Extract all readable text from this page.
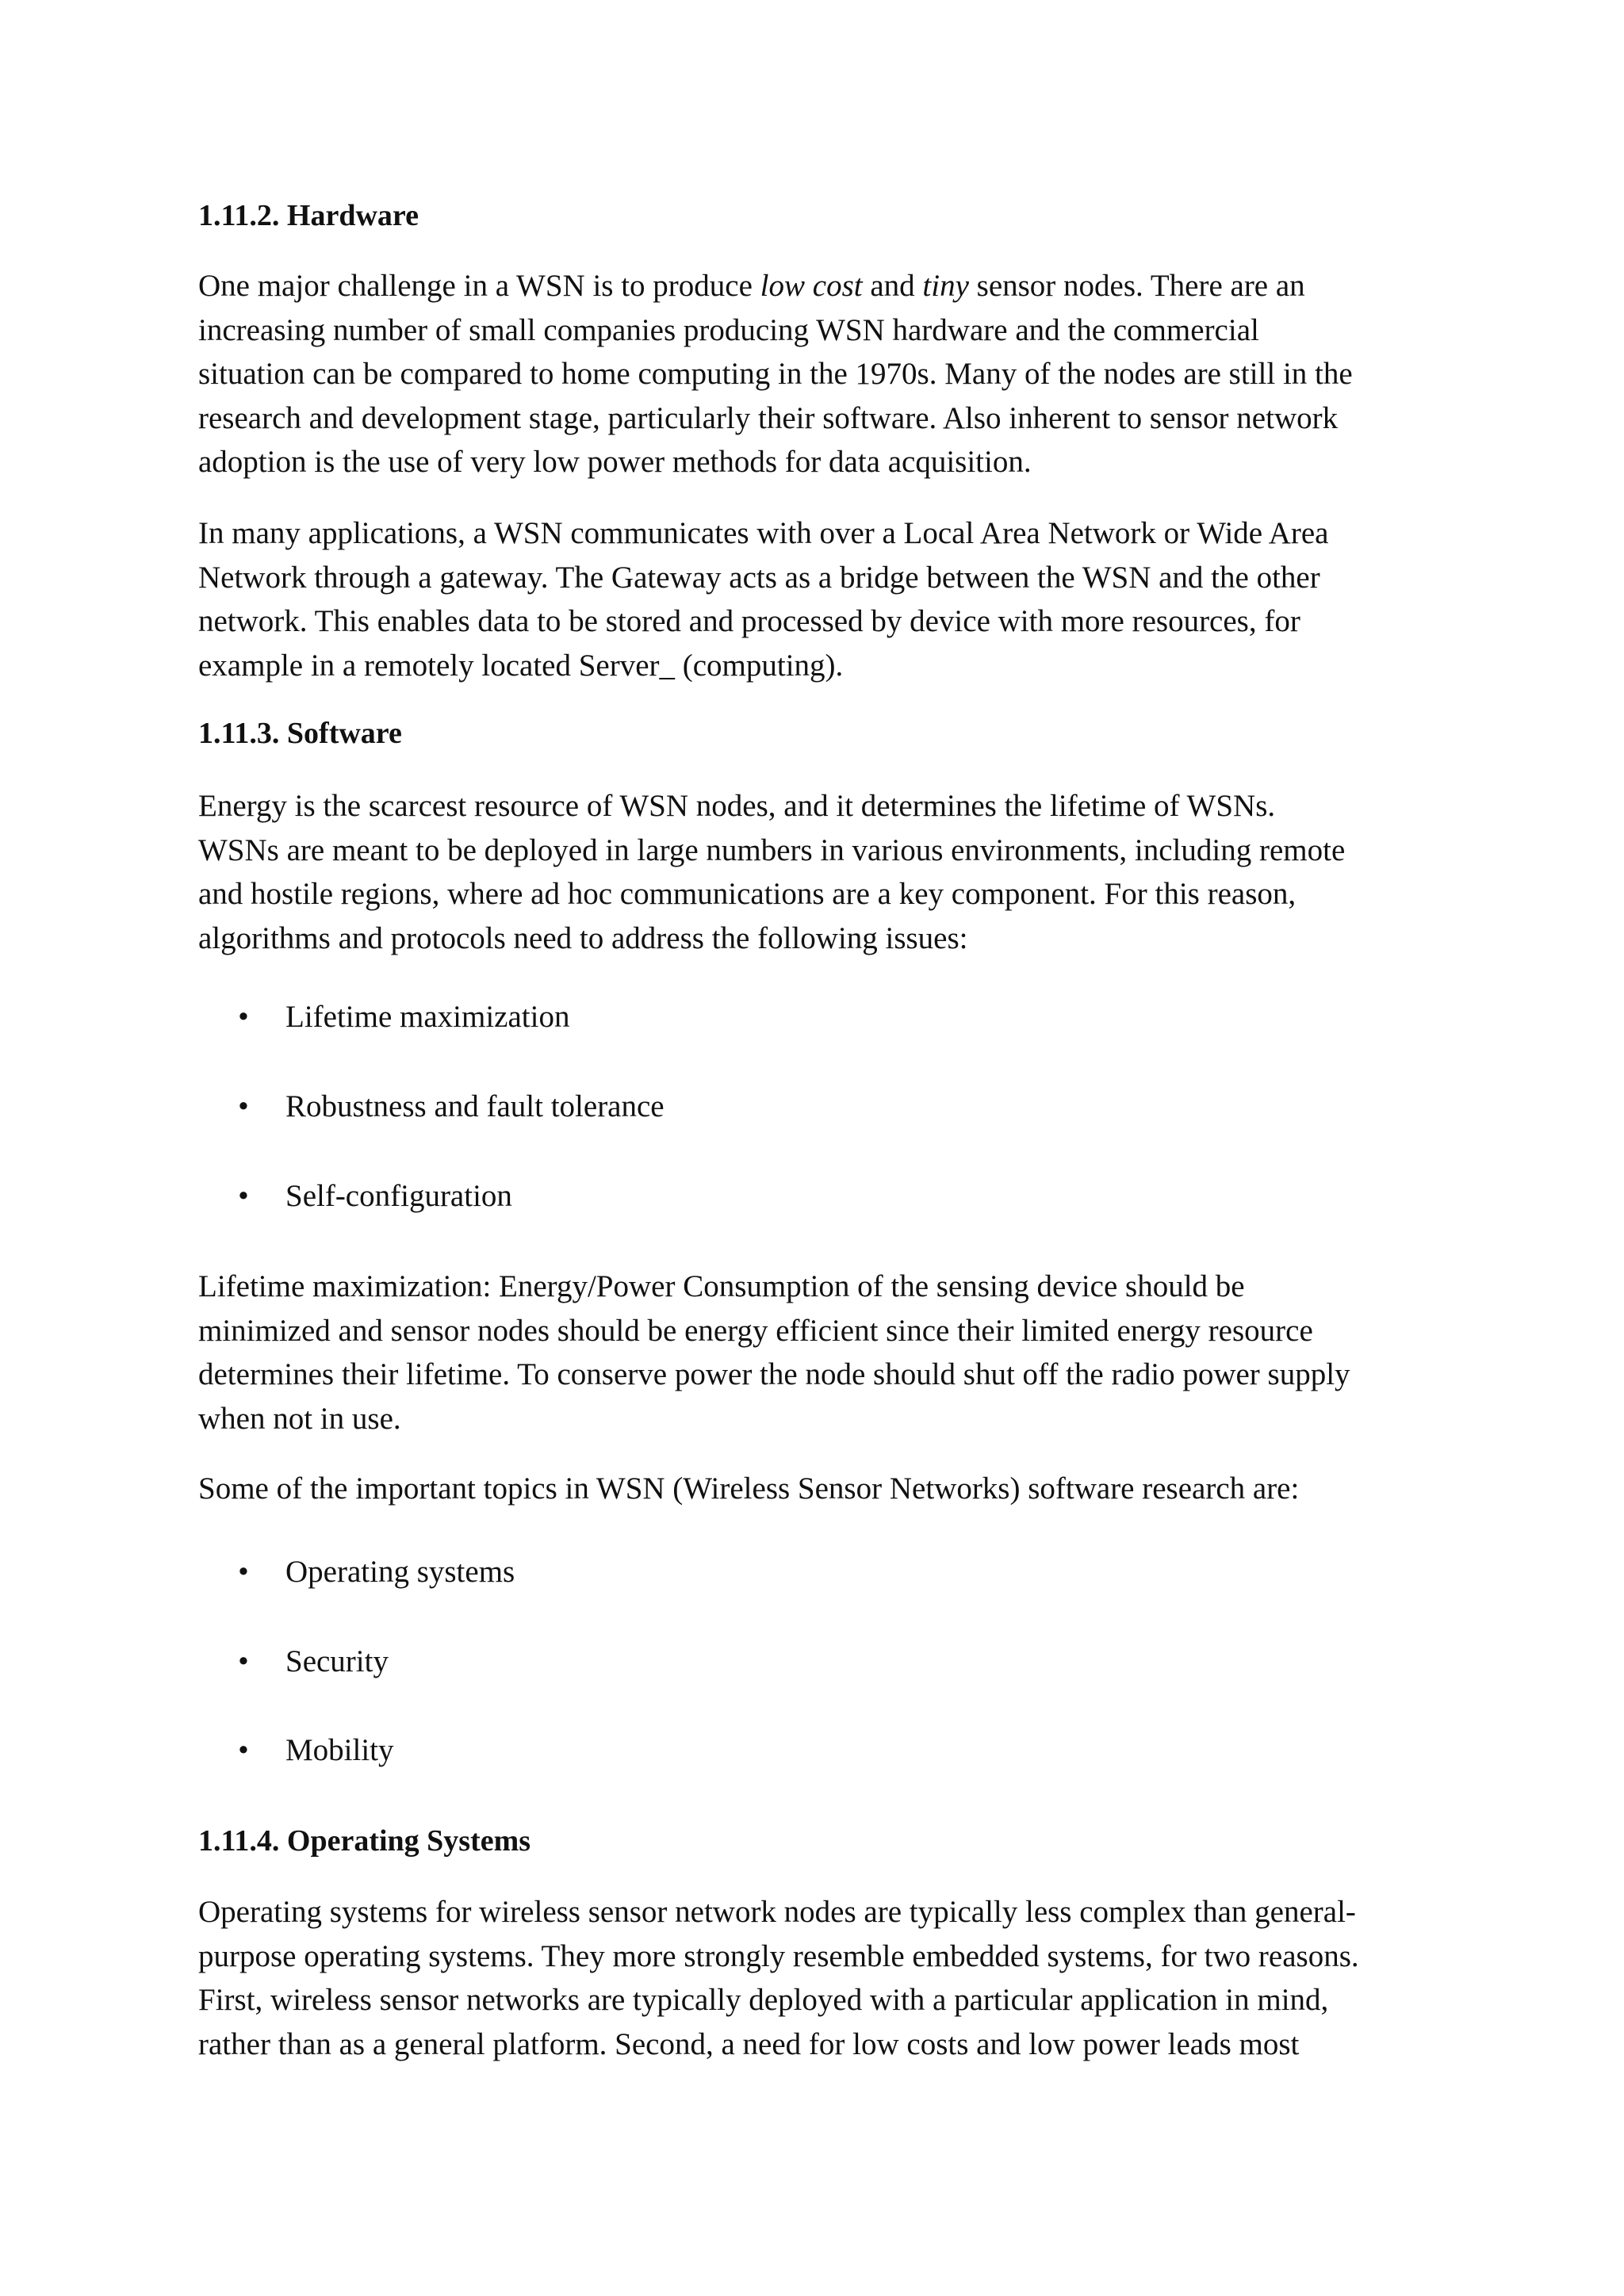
1.11.2. Hardware
One major challenge in a WSN is to produce low cost and tiny sensor nodes. There are an
increasing number of small companies producing WSN hardware and the commercial
situation can be compared to home computing in the 1970s. Many of the nodes are still in the
research and development stage, particularly their software. Also inherent to sensor network
adoption is the use of very low power methods for data acquisition.
In many applications, a WSN communicates with over a Local Area Network or Wide Area
Network through a gateway. The Gateway acts as a bridge between the WSN and the other
network. This enables data to be stored and processed by device with more resources, for
example in a remotely located Server_ (computing).
1.11.3. Software
Energy is the scarcest resource of WSN nodes, and it determines the lifetime of WSNs.
WSNs are meant to be deployed in large numbers in various environments, including remote
and hostile regions, where ad hoc communications are a key component. For this reason,
algorithms and protocols need to address the following issues:
• Lifetime maximization
• Robustness and fault tolerance
• Self-configuration
Lifetime maximization: Energy/Power Consumption of the sensing device should be
minimized and sensor nodes should be energy efficient since their limited energy resource
determines their lifetime. To conserve power the node should shut off the radio power supply
when not in use.
Some of the important topics in WSN (Wireless Sensor Networks) software research are:
• Operating systems
• Security
• Mobility
1.11.4. Operating Systems
Operating systems for wireless sensor network nodes are typically less complex than general-
purpose operating systems. They more strongly resemble embedded systems, for two reasons.
First, wireless sensor networks are typically deployed with a particular application in mind,
rather than as a general platform. Second, a need for low costs and low power leads most
